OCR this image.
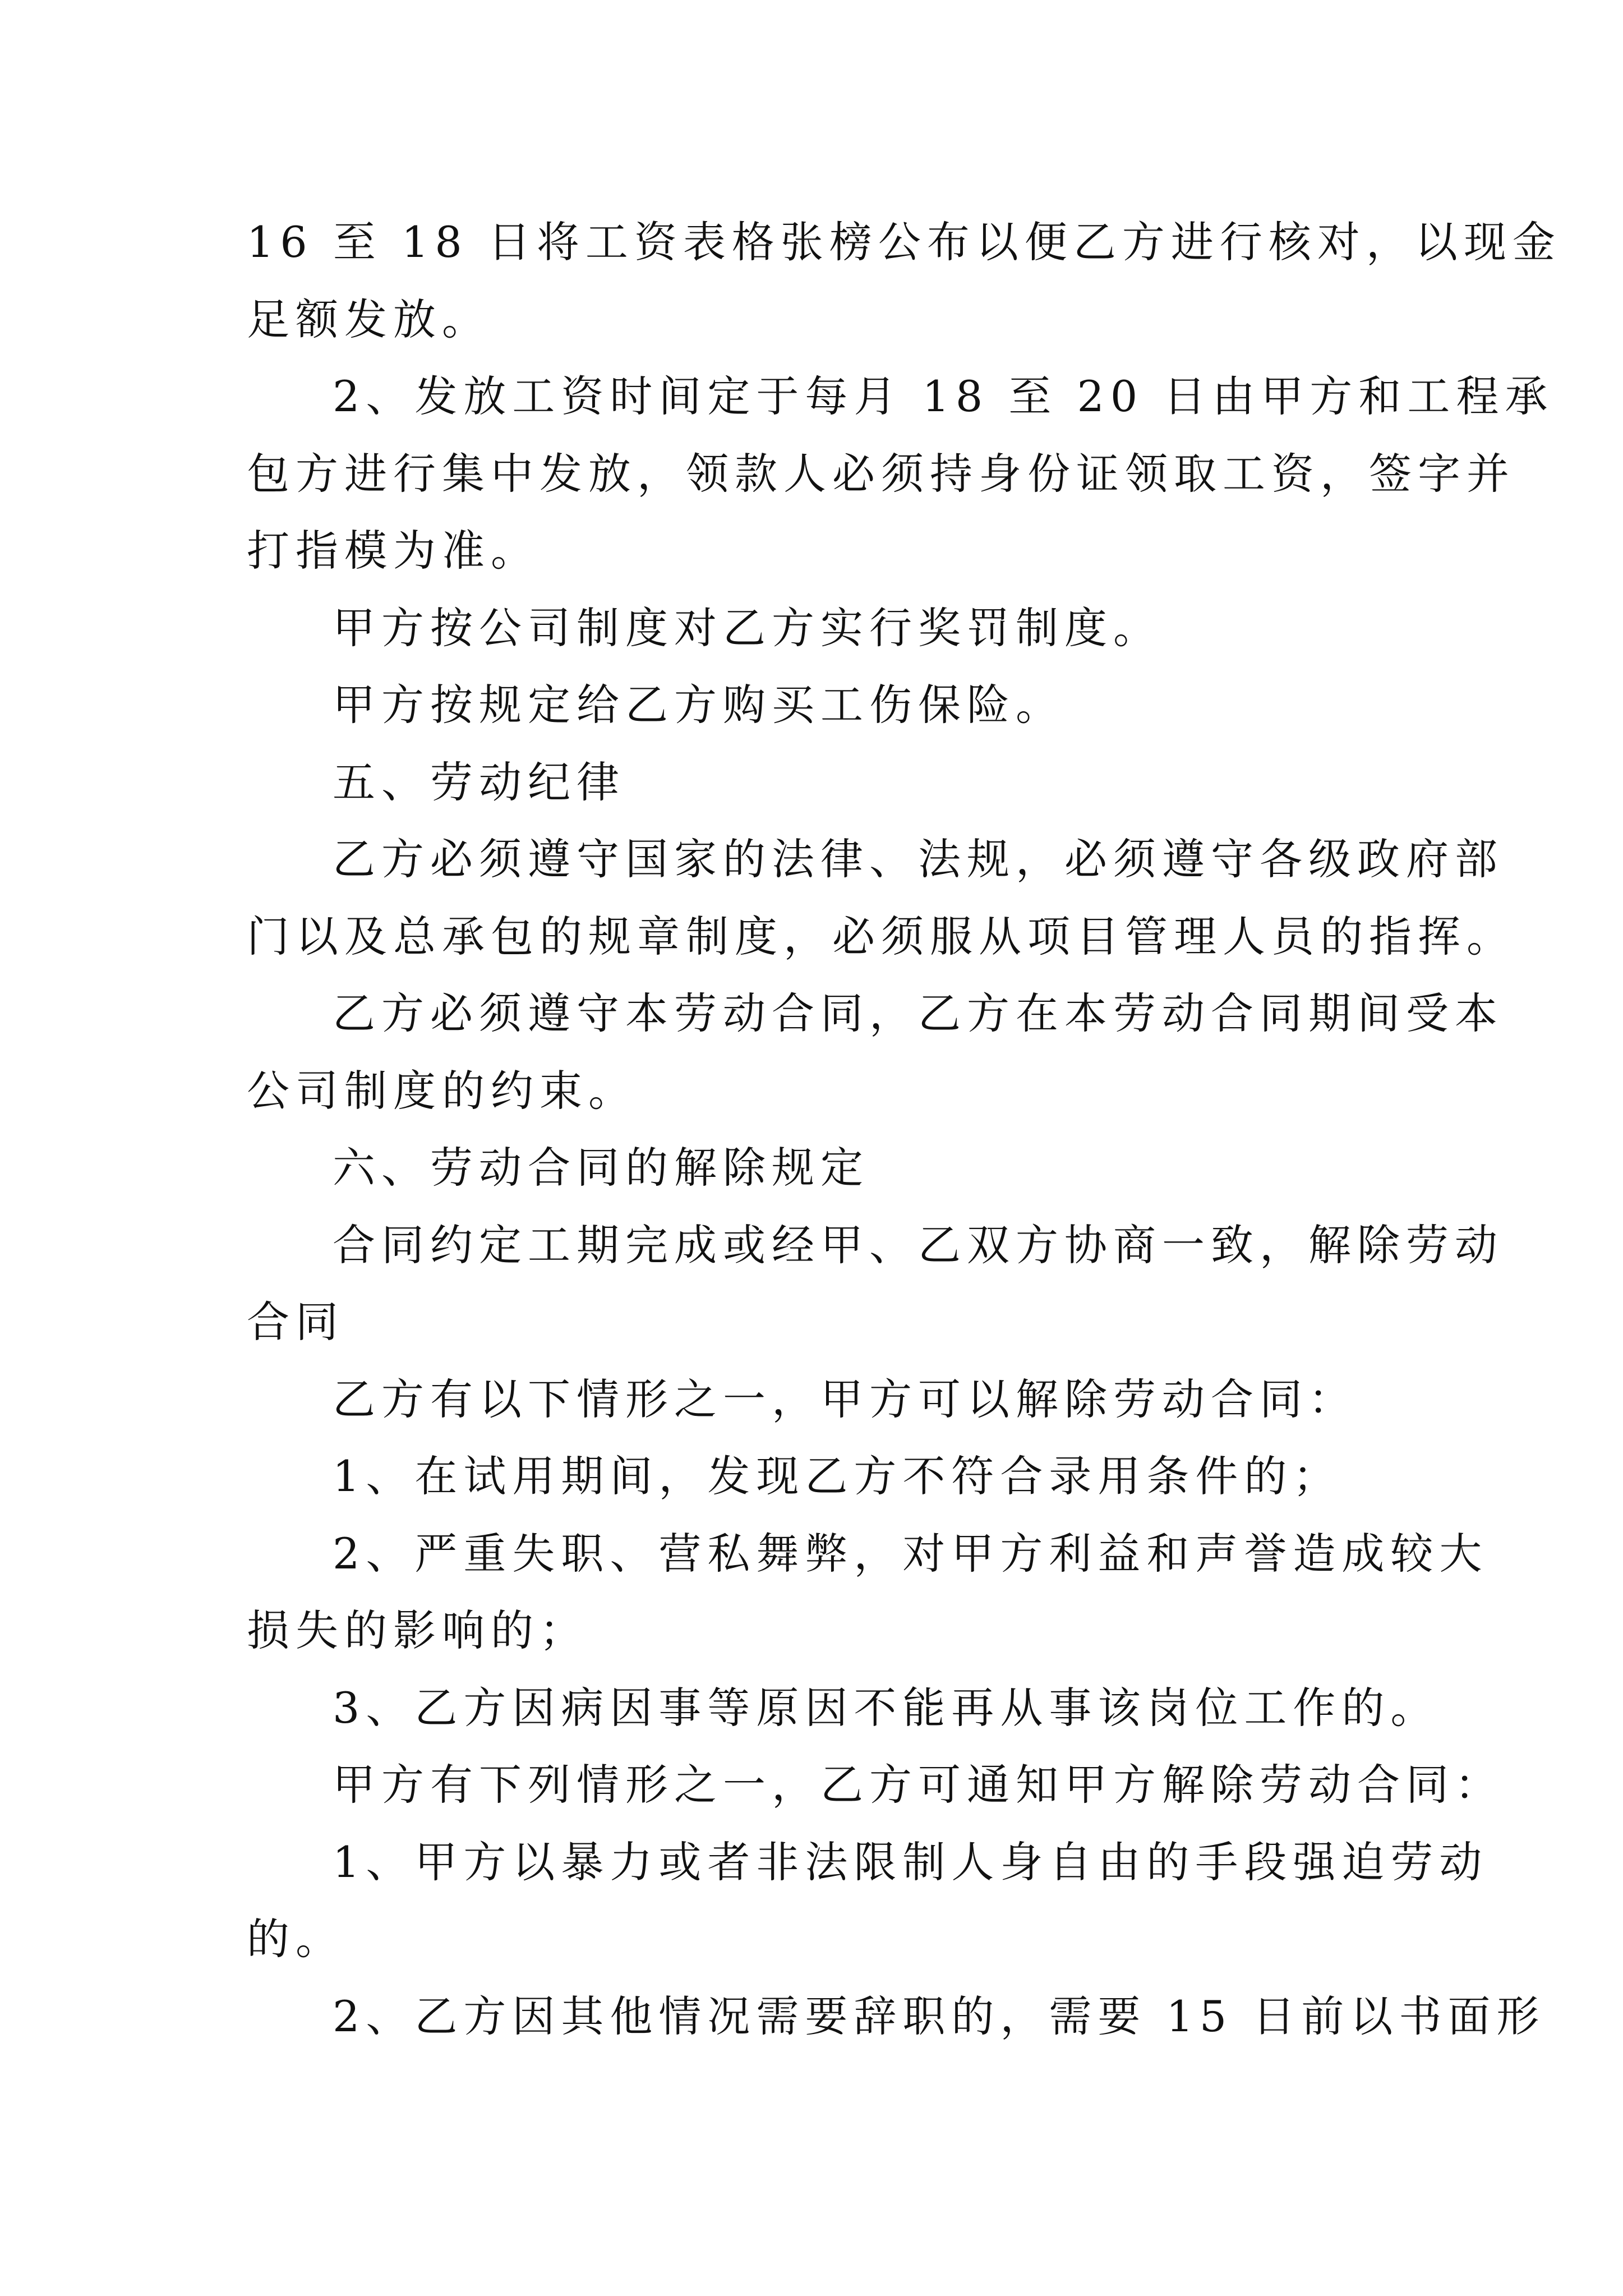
16 至 18 日将工资表格张榜公布以便乙方进行核对，以现金

足额发放。

2、发放工资时间定于每月 18 至 20 日由甲方和工程承

包方进行集中发放，领款人必须持身份证领取工资，签字并

打指模为准。

甲方按公司制度对乙方实行奖罚制度。

甲方按规定给乙方购买工伤保险。

五、劳动纪律

乙方必须遵守国家的法律、法规，必须遵守各级政府部

门以及总承包的规章制度，必须服从项目管理人员的指挥。

乙方必须遵守本劳动合同，乙方在本劳动合同期间受本

公司制度的约束。

六、劳动合同的解除规定

合同约定工期完成或经甲、乙双方协商一致，解除劳动

合同

乙方有以下情形之一，甲方可以解除劳动合同：

1、在试用期间，发现乙方不符合录用条件的；

2、严重失职、营私舞弊，对甲方利益和声誉造成较大

损失的影响的；

3、乙方因病因事等原因不能再从事该岗位工作的。

甲方有下列情形之一，乙方可通知甲方解除劳动合同：

1、甲方以暴力或者非法限制人身自由的手段强迫劳动

的。

2、乙方因其他情况需要辞职的，需要 15 日前以书面形
